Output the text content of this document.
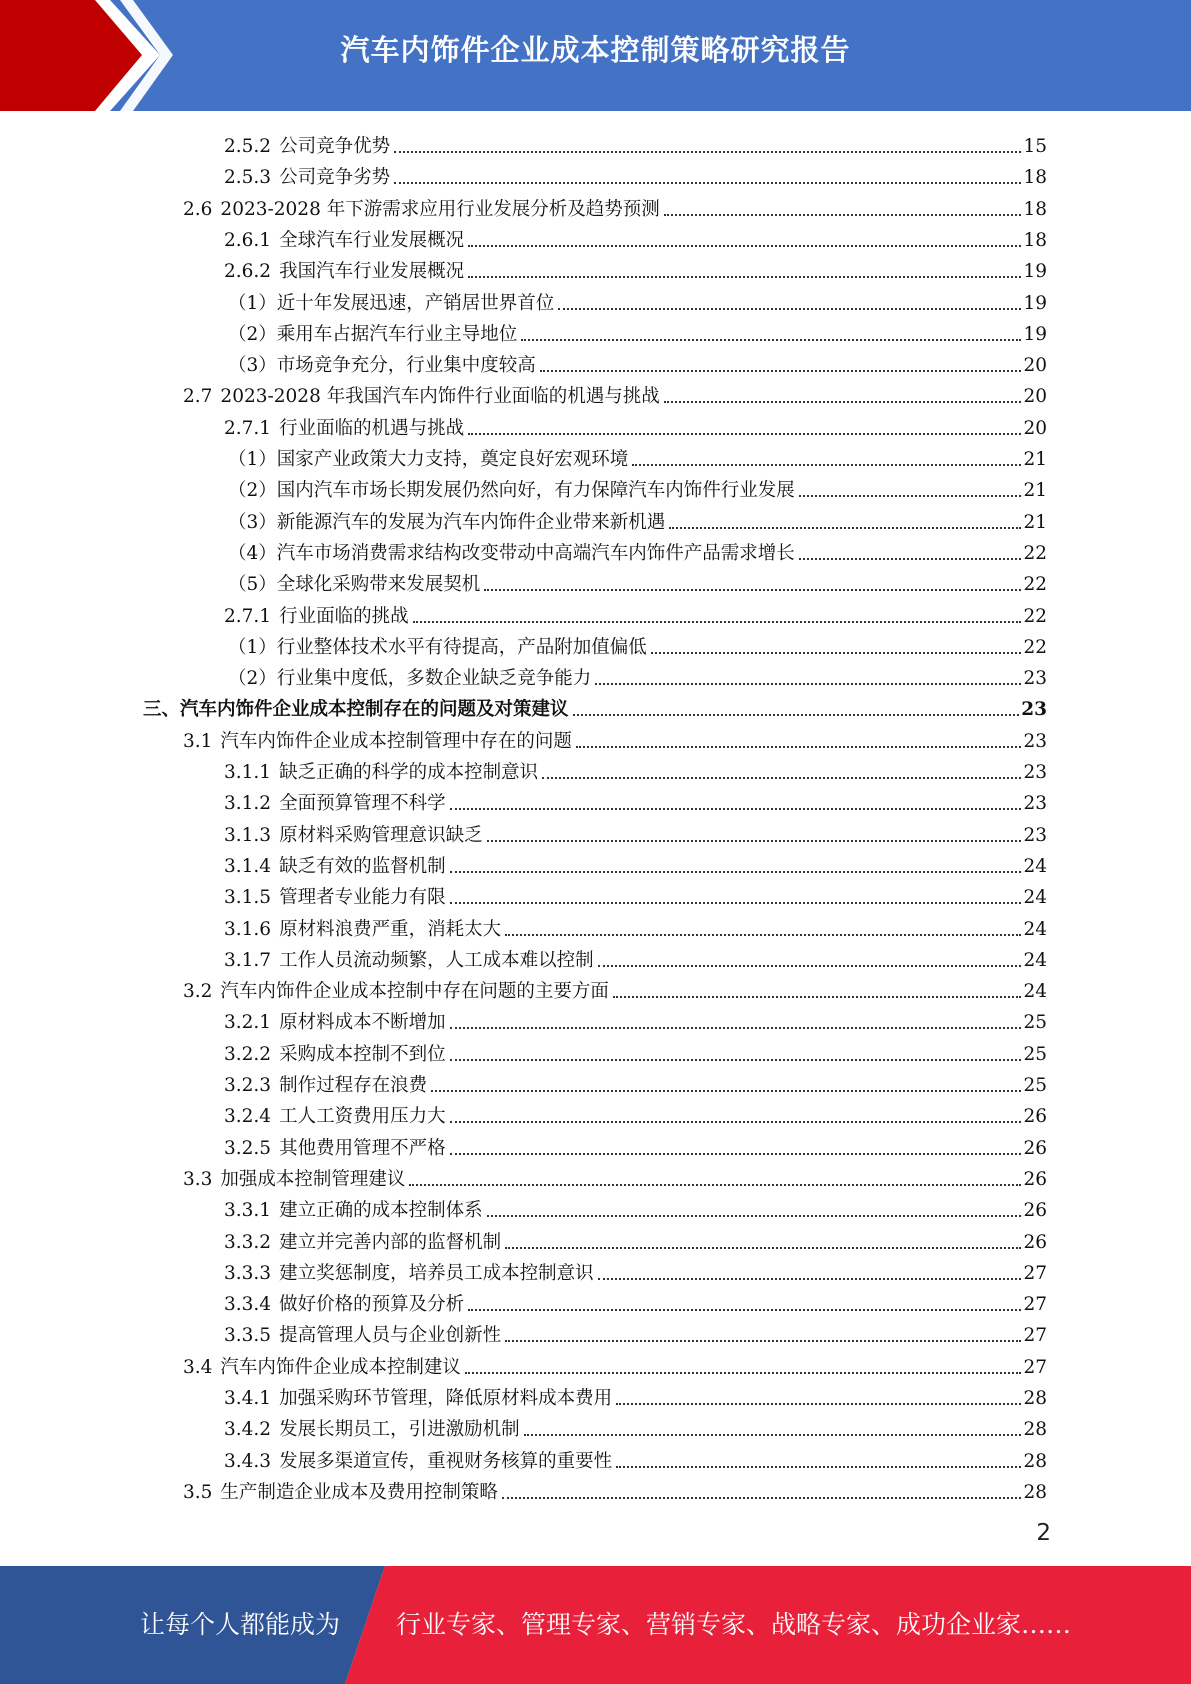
汽车内饰件企业成本控制策略研究报告
2.5.2 公司竞争优势	15
2.5.3 公司竞争劣势	18
2.6 2023-2028 年下游需求应用行业发展分析及趋势预测	18
2.6.1 全球汽车行业发展概况	18
2.6.2 我国汽车行业发展概况	19
（1） 近十年发展迅速，产销居世界首位	19
（2） 乘用车占据汽车行业主导地位	19
（3） 市场竞争充分，行业集中度较高	20
2.7 2023-2028 年我国汽车内饰件行业面临的机遇与挑战	20
2.7.1 行业面临的机遇与挑战	20
（1） 国家产业政策大力支持，奠定良好宏观环境	21
（2） 国内汽车市场长期发展仍然向好，有力保障汽车内饰件行业发展	21
（3） 新能源汽车的发展为汽车内饰件企业带来新机遇	21
（4） 汽车市场消费需求结构改变带动中高端汽车内饰件产品需求增长	22
（5） 全球化采购带来发展契机	22
2.7.1 行业面临的挑战	22
（1） 行业整体技术水平有待提高，产品附加值偏低	22
（2） 行业集中度低，多数企业缺乏竞争能力	23
三、 汽车内饰件企业成本控制存在的问题及对策建议	23
3.1 汽车内饰件企业成本控制管理中存在的问题	23
3.1.1 缺乏正确的科学的成本控制意识	23
3.1.2 全面预算管理不科学	23
3.1.3 原材料采购管理意识缺乏	23
3.1.4 缺乏有效的监督机制	24
3.1.5 管理者专业能力有限	24
3.1.6 原材料浪费严重，消耗太大	24
3.1.7 工作人员流动频繁，人工成本难以控制	24
3.2 汽车内饰件企业成本控制中存在问题的主要方面	24
3.2.1 原材料成本不断增加	25
3.2.2 采购成本控制不到位	25
3.2.3 制作过程存在浪费	25
3.2.4 工人工资费用压力大	26
3.2.5 其他费用管理不严格	26
3.3 加强成本控制管理建议	26
3.3.1 建立正确的成本控制体系	26
3.3.2 建立并完善内部的监督机制	26
3.3.3 建立奖惩制度，培养员工成本控制意识	27
3.3.4 做好价格的预算及分析	27
3.3.5 提高管理人员与企业创新性	27
3.4 汽车内饰件企业成本控制建议	27
3.4.1 加强采购环节管理，降低原材料成本费用	28
3.4.2 发展长期员工，引进激励机制	28
3.4.3 发展多渠道宣传，重视财务核算的重要性	28
3.5 生产制造企业成本及费用控制策略	28
2
让每个人都能成为 行业专家、管理专家、营销专家、战略专家、成功企业家……
